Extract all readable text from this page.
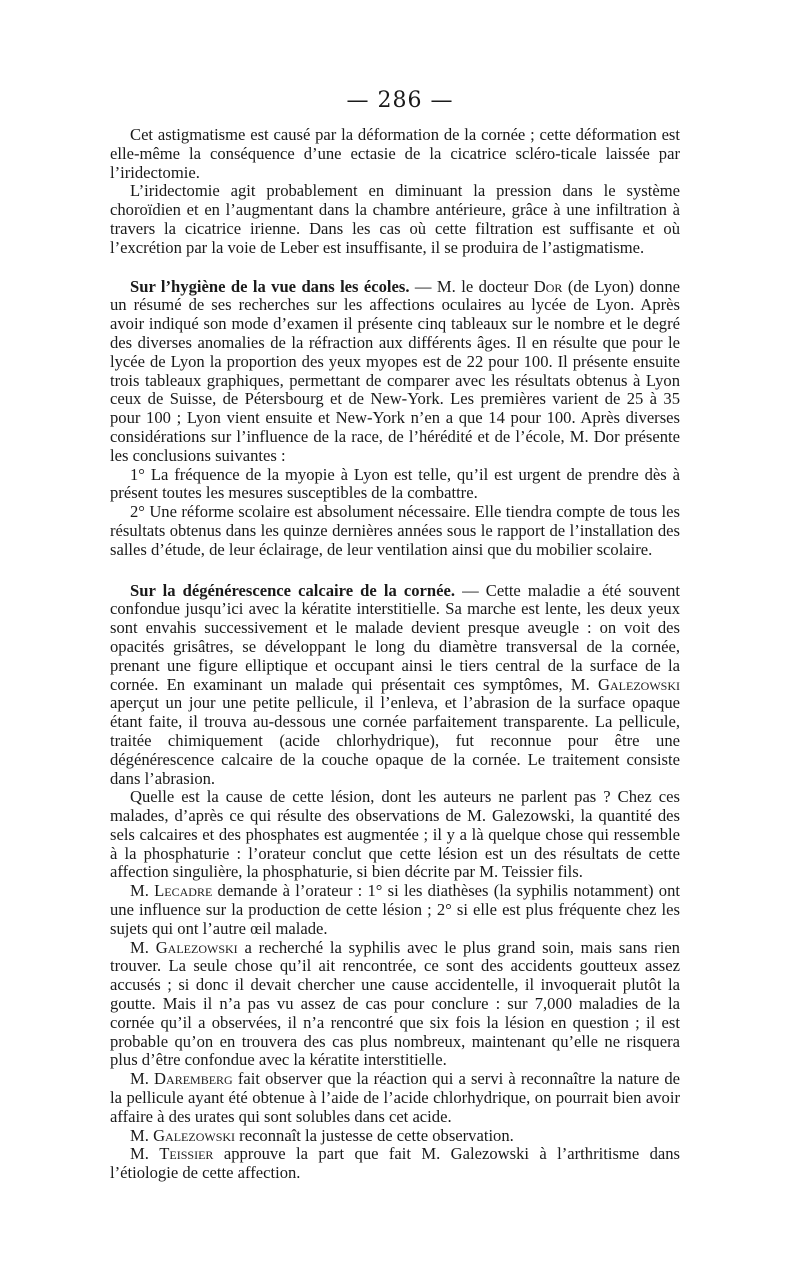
— 286 —

Cet astigmatisme est causé par la déformation de la cornée ; cette déformation est elle-même la conséquence d’une ectasie de la cicatrice scléro-ticale laissée par l’iridectomie.

L’iridectomie agit probablement en diminuant la pression dans le système choroïdien et en l’augmentant dans la chambre antérieure, grâce à une infiltration à travers la cicatrice irienne. Dans les cas où cette filtration est suffisante et où l’excrétion par la voie de Leber est insuffisante, il se produira de l’astigmatisme.

Sur l’hygiène de la vue dans les écoles. — M. le docteur Dor (de Lyon) donne un résumé de ses recherches sur les affections oculaires au lycée de Lyon. Après avoir indiqué son mode d’examen il présente cinq tableaux sur le nombre et le degré des diverses anomalies de la réfraction aux différents âges. Il en résulte que pour le lycée de Lyon la proportion des yeux myopes est de 22 pour 100. Il présente ensuite trois tableaux graphiques, permettant de comparer avec les résultats obtenus à Lyon ceux de Suisse, de Pétersbourg et de New-York. Les premières varient de 25 à 35 pour 100 ; Lyon vient ensuite et New-York n’en a que 14 pour 100. Après diverses considérations sur l’influence de la race, de l’hérédité et de l’école, M. Dor présente les conclusions suivantes :

1° La fréquence de la myopie à Lyon est telle, qu’il est urgent de prendre dès à présent toutes les mesures susceptibles de la combattre.

2° Une réforme scolaire est absolument nécessaire. Elle tiendra compte de tous les résultats obtenus dans les quinze dernières années sous le rapport de l’installation des salles d’étude, de leur éclairage, de leur ventilation ainsi que du mobilier scolaire.

Sur la dégénérescence calcaire de la cornée. — Cette maladie a été souvent confondue jusqu’ici avec la kératite interstitielle. Sa marche est lente, les deux yeux sont envahis successivement et le malade devient presque aveugle : on voit des opacités grisâtres, se développant le long du diamètre transversal de la cornée, prenant une figure elliptique et occupant ainsi le tiers central de la surface de la cornée. En examinant un malade qui présentait ces symptômes, M. Galezowski aperçut un jour une petite pellicule, il l’enleva, et l’abrasion de la surface opaque étant faite, il trouva au-dessous une cornée parfaitement transparente. La pellicule, traitée chimiquement (acide chlorhydrique), fut reconnue pour être une dégénérescence calcaire de la couche opaque de la cornée. Le traitement consiste dans l’abrasion.

Quelle est la cause de cette lésion, dont les auteurs ne parlent pas ? Chez ces malades, d’après ce qui résulte des observations de M. Galezowski, la quantité des sels calcaires et des phosphates est augmentée ; il y a là quelque chose qui ressemble à la phosphaturie : l’orateur conclut que cette lésion est un des résultats de cette affection singulière, la phosphaturie, si bien décrite par M. Teissier fils.

M. Lecadre demande à l’orateur : 1° si les diathèses (la syphilis notamment) ont une influence sur la production de cette lésion ; 2° si elle est plus fréquente chez les sujets qui ont l’autre œil malade.

M. Galezowski a recherché la syphilis avec le plus grand soin, mais sans rien trouver. La seule chose qu’il ait rencontrée, ce sont des accidents goutteux assez accusés ; si donc il devait chercher une cause accidentelle, il invoquerait plutôt la goutte. Mais il n’a pas vu assez de cas pour conclure : sur 7,000 maladies de la cornée qu’il a observées, il n’a rencontré que six fois la lésion en question ; il est probable qu’on en trouvera des cas plus nombreux, maintenant qu’elle ne risquera plus d’être confondue avec la kératite interstitielle.

M. Daremberg fait observer que la réaction qui a servi à reconnaître la nature de la pellicule ayant été obtenue à l’aide de l’acide chlorhydrique, on pourrait bien avoir affaire à des urates qui sont solubles dans cet acide.

M. Galezowski reconnaît la justesse de cette observation.

M. Teissier approuve la part que fait M. Galezowski à l’arthritisme dans l’étiologie de cette affection.
